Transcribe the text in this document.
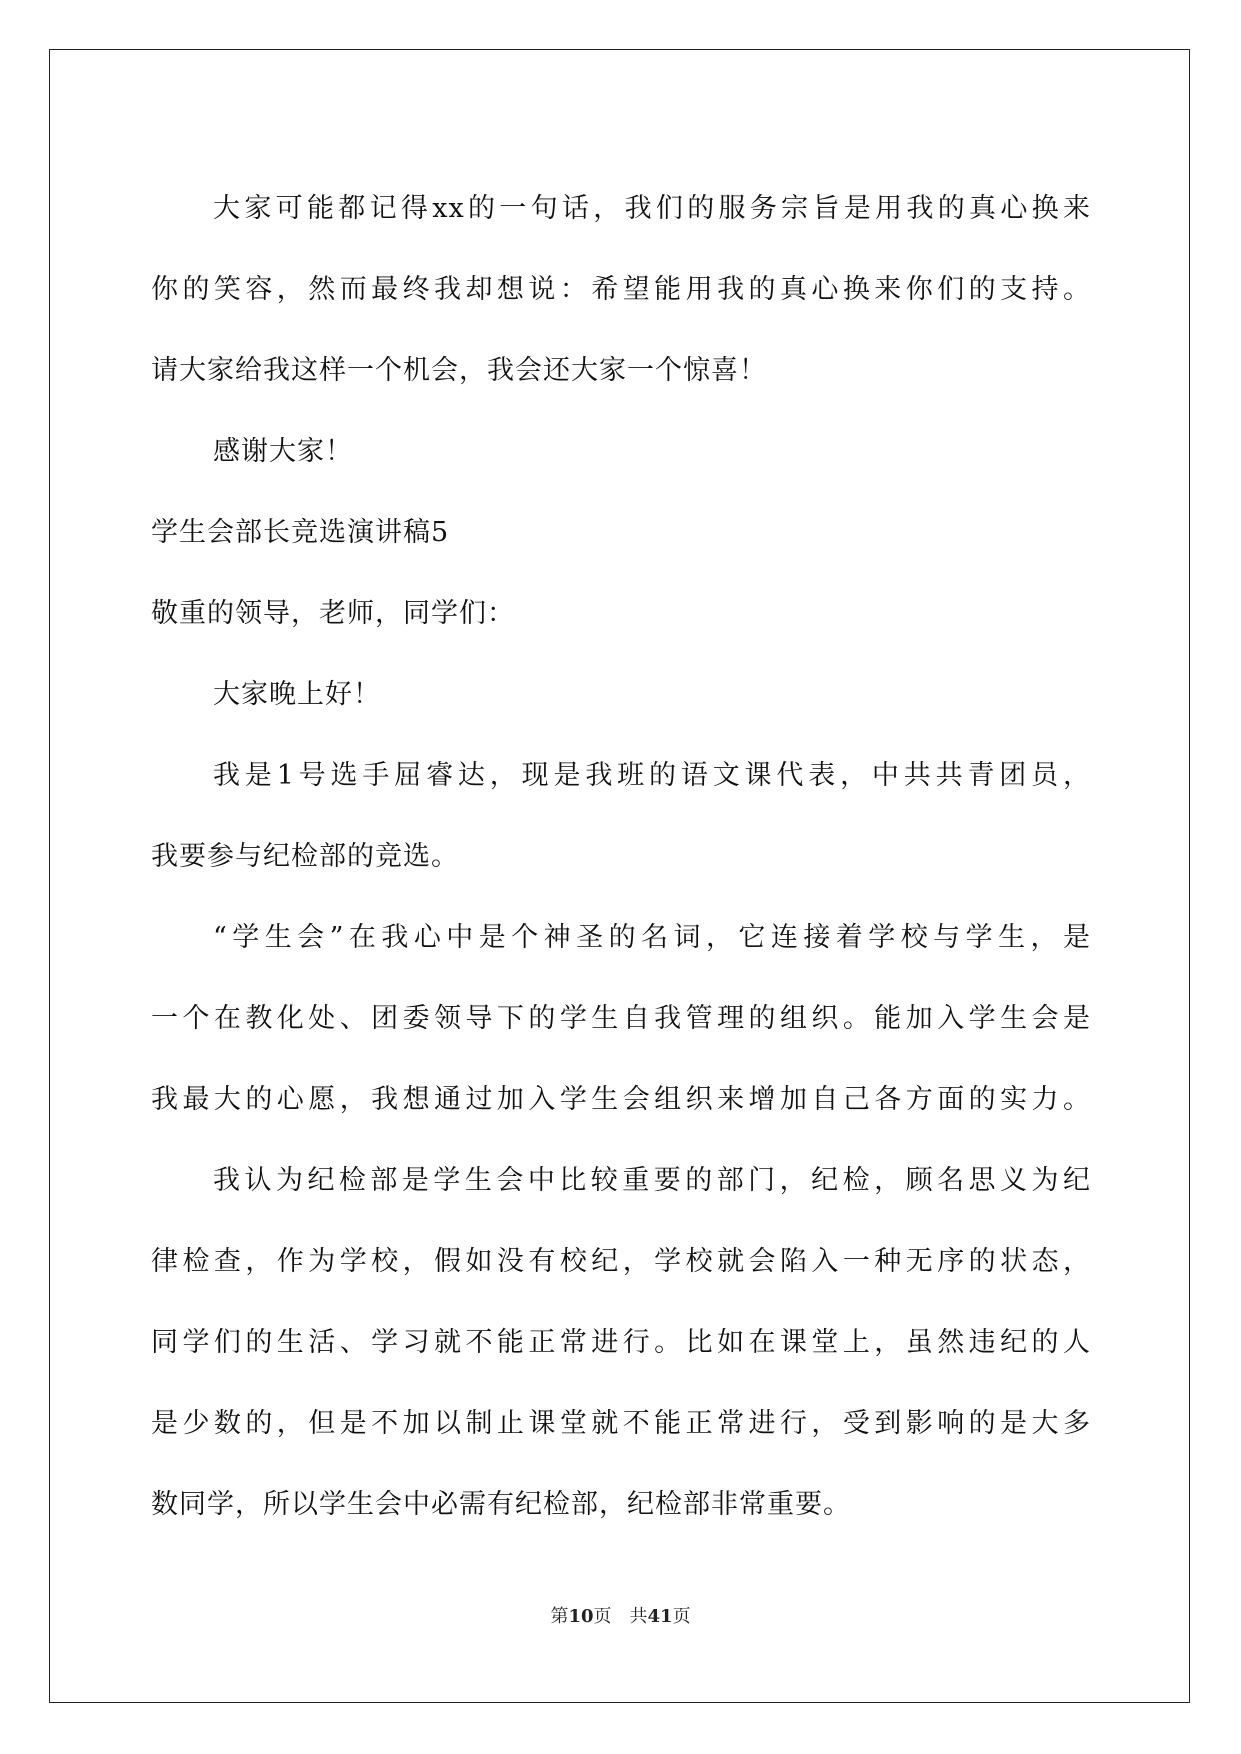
大家可能都记得xx的一句话，我们的服务宗旨是用我的真心换来
你的笑容，然而最终我却想说：希望能用我的真心换来你们的支持。
请大家给我这样一个机会，我会还大家一个惊喜！
感谢大家！
学生会部长竞选演讲稿5
敬重的领导，老师，同学们：
大家晚上好！
我是1号选手屈睿达，现是我班的语文课代表，中共共青团员，
我要参与纪检部的竞选。
“学生会”在我心中是个神圣的名词，它连接着学校与学生，是
一个在教化处、团委领导下的学生自我管理的组织。能加入学生会是
我最大的心愿，我想通过加入学生会组织来增加自己各方面的实力。
我认为纪检部是学生会中比较重要的部门，纪检，顾名思义为纪
律检查，作为学校，假如没有校纪，学校就会陷入一种无序的状态，
同学们的生活、学习就不能正常进行。比如在课堂上，虽然违纪的人
是少数的，但是不加以制止课堂就不能正常进行，受到影响的是大多
数同学，所以学生会中必需有纪检部，纪检部非常重要。
第10页 共41页
